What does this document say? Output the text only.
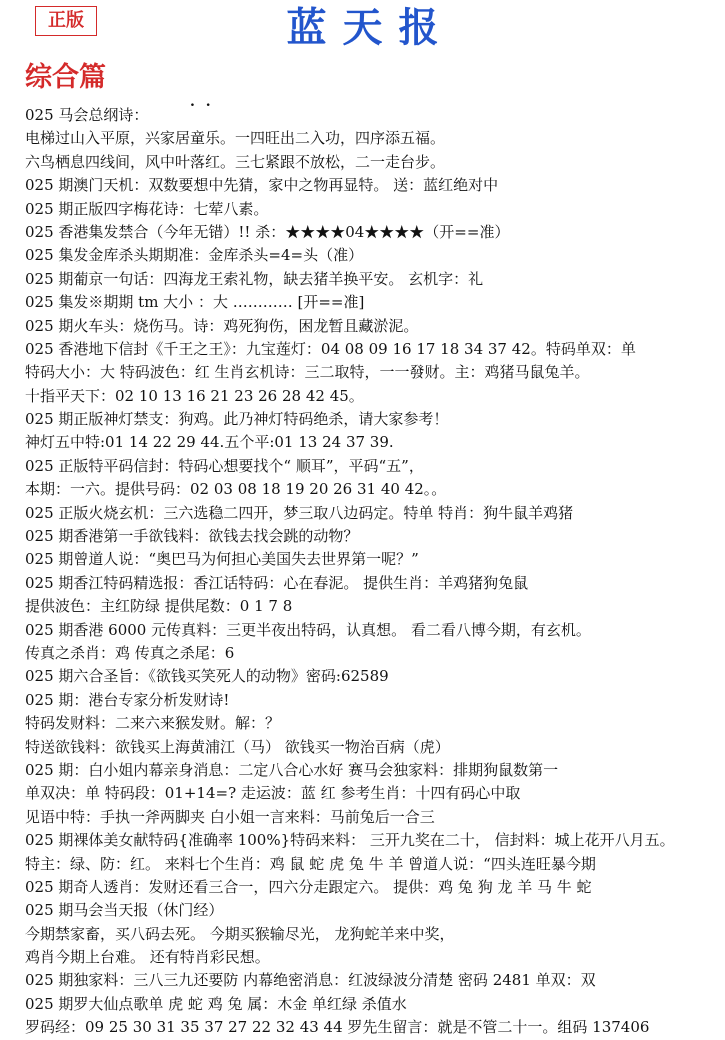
正版	蓝天报
综合篇
. .
025 马会总纲诗：
电梯过山入平原，兴家居童乐。一四旺出二入功，四序添五福。
六鸟栖息四线间，风中叶落红。三七紧跟不放松，二一走台步。
025 期澳门天机：双数要想中先猜，家中之物再显特。 送：蓝红绝对中
025 期正版四字梅花诗：七荤八素。
025 香港集发禁合（今年无错）!! 杀：★★★★04★★★★（开==准）
025 集发金库杀头期期准：金库杀头=4=头（准）
025 期葡京一句话：四海龙王索礼物，缺去猪羊换平安。 玄机字：礼
025 集发※期期 tm 大小 ：大 ………… [开==准]
025 期火车头：烧伤马。诗：鸡死狗伤，困龙暂且藏淤泥。
025 香港地下信封《千王之王》：九宝莲灯：04 08 09 16 17 18 34 37 42。特码单双：单
特码大小：大 特码波色：红 生肖玄机诗：三二取特，一一發财。主：鸡猪马鼠兔羊。
十指平天下：02 10 13 16 21 23 26 28 42 45。
025 期正版神灯禁支：狗鸡。此乃神灯特码绝杀，请大家参考！
神灯五中特:01 14 22 29 44.五个平:01 13 24 37 39.
025 正版特平码信封：特码心想要找个“ 顺耳”，平码“五”，
本期：一六。提供号码：02 03 08 18 19 20 26 31 40 42。。
025 正版火烧玄机：三六选稳二四开，梦三取八边码定。特单 特肖：狗牛鼠羊鸡猪
025 期香港第一手欲钱料：欲钱去找会跳的动物？
025 期曾道人说：“奥巴马为何担心美国失去世界第一呢？”
025 期香江特码精选报：香江话特码：心在春泥。 提供生肖：羊鸡猪狗兔鼠
提供波色：主红防绿 提供尾数：0 1 7 8
025 期香港 6000 元传真料：三更半夜出特码，认真想。 看二看八博今期，有玄机。
传真之杀肖：鸡 传真之杀尾：6
025 期六合圣旨：《欲钱买笑死人的动物》密码:62589
025 期：港台专家分析发财诗!
特码发财料：二来六来猴发财。解：？
特送欲钱料：欲钱买上海黄浦江（马） 欲钱买一物治百病（虎）
025 期：白小姐内幕亲身消息：二定八合心水好 赛马会独家料：排期狗鼠数第一
单双决：单 特码段：01+14=? 走运波：蓝 红 参考生肖：十四有码心中取
见语中特：手执一斧两脚夹 白小姐一言来料：马前兔后一合三
025 期裸体美女献特码{准确率 100%}特码来料： 三开九奖在二十， 信封料：城上花开八月五。
特主：绿、防：红。 来料七个生肖：鸡 鼠 蛇 虎 兔 牛 羊 曾道人说：“四头连旺暴今期
025 期奇人透肖：发财还看三合一，四六分走跟定六。 提供：鸡 兔 狗 龙 羊 马 牛 蛇
025 期马会当天报（休门经）
今期禁家畜，买八码去死。 今期买猴输尽光， 龙狗蛇羊来中奖，
鸡肖今期上台难。 还有特肖彩民想。
025 期独家料：三八三九还要防 内幕绝密消息：红波绿波分清楚 密码 2481 单双：双
025 期罗大仙点歌单 虎 蛇 鸡 兔 属：木金 单红绿 杀值水
罗码经：09 25 30 31 35 37 27 22 32 43 44 罗先生留言：就是不管二十一。组码 137406
